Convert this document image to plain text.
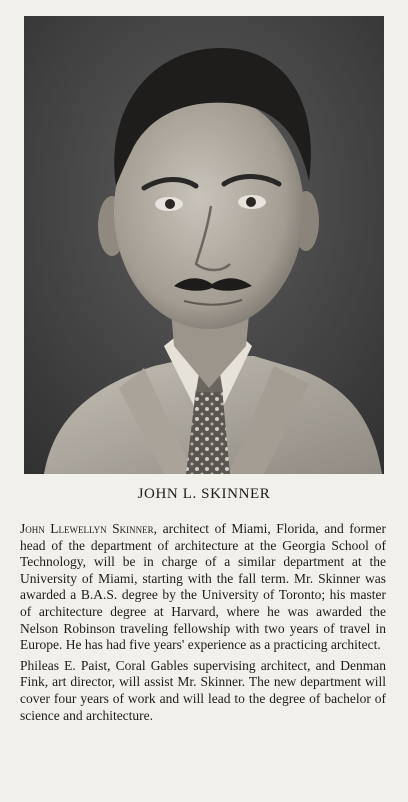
JOHN L. SKINNER

John Llewellyn Skinner, architect of Miami, Florida, and former head of the department of architecture at the Georgia School of Technology, will be in charge of a similar department at the University of Miami, starting with the fall term. Mr. Skinner was awarded a B.A.S. degree by the University of Toronto; his master of architecture degree at Harvard, where he was awarded the Nelson Robinson traveling fellowship with two years of travel in Europe. He has had five years' experience as a practicing architect.

Phileas E. Paist, Coral Gables supervising architect, and Denman Fink, art director, will assist Mr. Skinner. The new department will cover four years of work and will lead to the degree of bachelor of science and architecture.
